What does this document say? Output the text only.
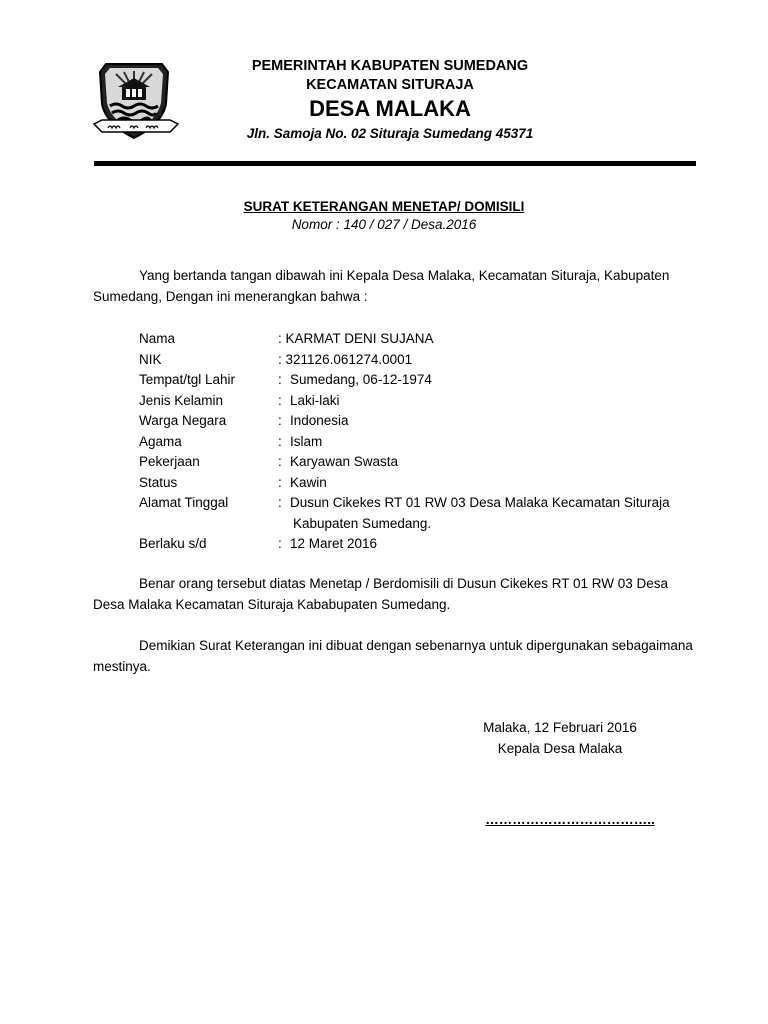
PEMERINTAH KABUPATEN SUMEDANG
KECAMATAN SITURAJA
DESA MALAKA
Jln. Samoja No. 02 Situraja Sumedang 45371
SURAT KETERANGAN MENETAP/ DOMISILI
Nomor : 140 / 027 / Desa.2016
Yang bertanda tangan dibawah ini Kepala Desa Malaka, Kecamatan Situraja, Kabupaten Sumedang, Dengan ini menerangkan bahwa :
Nama	: KARMAT DENI SUJANA
NIK	: 321126.061274.0001
Tempat/tgl Lahir	: Sumedang, 06-12-1974
Jenis Kelamin	: Laki-laki
Warga Negara	: Indonesia
Agama	: Islam
Pekerjaan	: Karyawan Swasta
Status	: Kawin
Alamat Tinggal	: Dusun Cikekes RT 01 RW 03 Desa Malaka Kecamatan Situraja
Kabupaten Sumedang.
Berlaku s/d	: 12 Maret 2016
Benar orang tersebut diatas Menetap / Berdomisili di Dusun Cikekes RT 01 RW 03 Desa Desa Malaka Kecamatan Situraja Kababupaten Sumedang.
Demikian Surat Keterangan ini dibuat dengan sebenarnya untuk dipergunakan sebagaimana mestinya.
Malaka, 12 Februari 2016
Kepala Desa Malaka
………………………………..
